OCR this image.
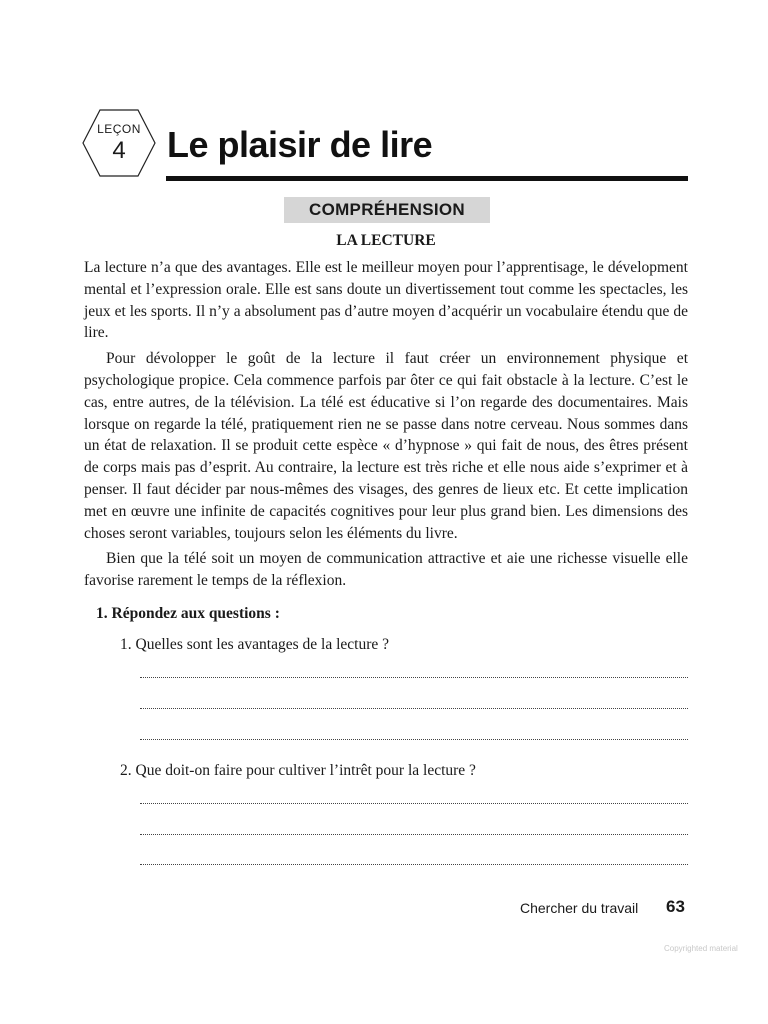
LEÇON
4	Le plaisir de lire
COMPRÉHENSION
LA LECTURE

La lecture n’a que des avantages. Elle est le meilleur moyen pour l’apprentisage, le dévelopment mental et l’expression orale. Elle est sans doute un divertissement tout comme les spectacles, les jeux et les sports. Il n’y a absolument pas d’autre moyen d’acquérir un vocabulaire étendu que de lire.

Pour dévolopper le goût de la lecture il faut créer un environnement physique et psychologique propice. Cela commence parfois par ôter ce qui fait obstacle à la lecture. C’est le cas, entre autres, de la télévision. La télé est éducative si l’on regarde des documentaires. Mais lorsque on regarde la télé, pratiquement rien ne se passe dans notre cerveau. Nous sommes dans un état de relaxation. Il se produit cette espèce « d’hypnose » qui fait de nous, des êtres présent de corps mais pas d’esprit. Au contraire, la lecture est très riche et elle nous aide s’exprimer et à penser. Il faut décider par nous-mêmes des visages, des genres de lieux etc. Et cette implication met en œuvre une infinite de capacités cognitives pour leur plus grand bien. Les dimensions des choses seront variables, toujours selon les éléments du livre.

Bien que la télé soit un moyen de communication attractive et aie une richesse visuelle elle favorise rarement le temps de la réflexion.

1. Répondez aux questions :
1. Quelles sont les avantages de la lecture ?
2. Que doit-on faire pour cultiver l’intrêt pour la lecture ?
Chercher du travail 63
Copyrighted material
